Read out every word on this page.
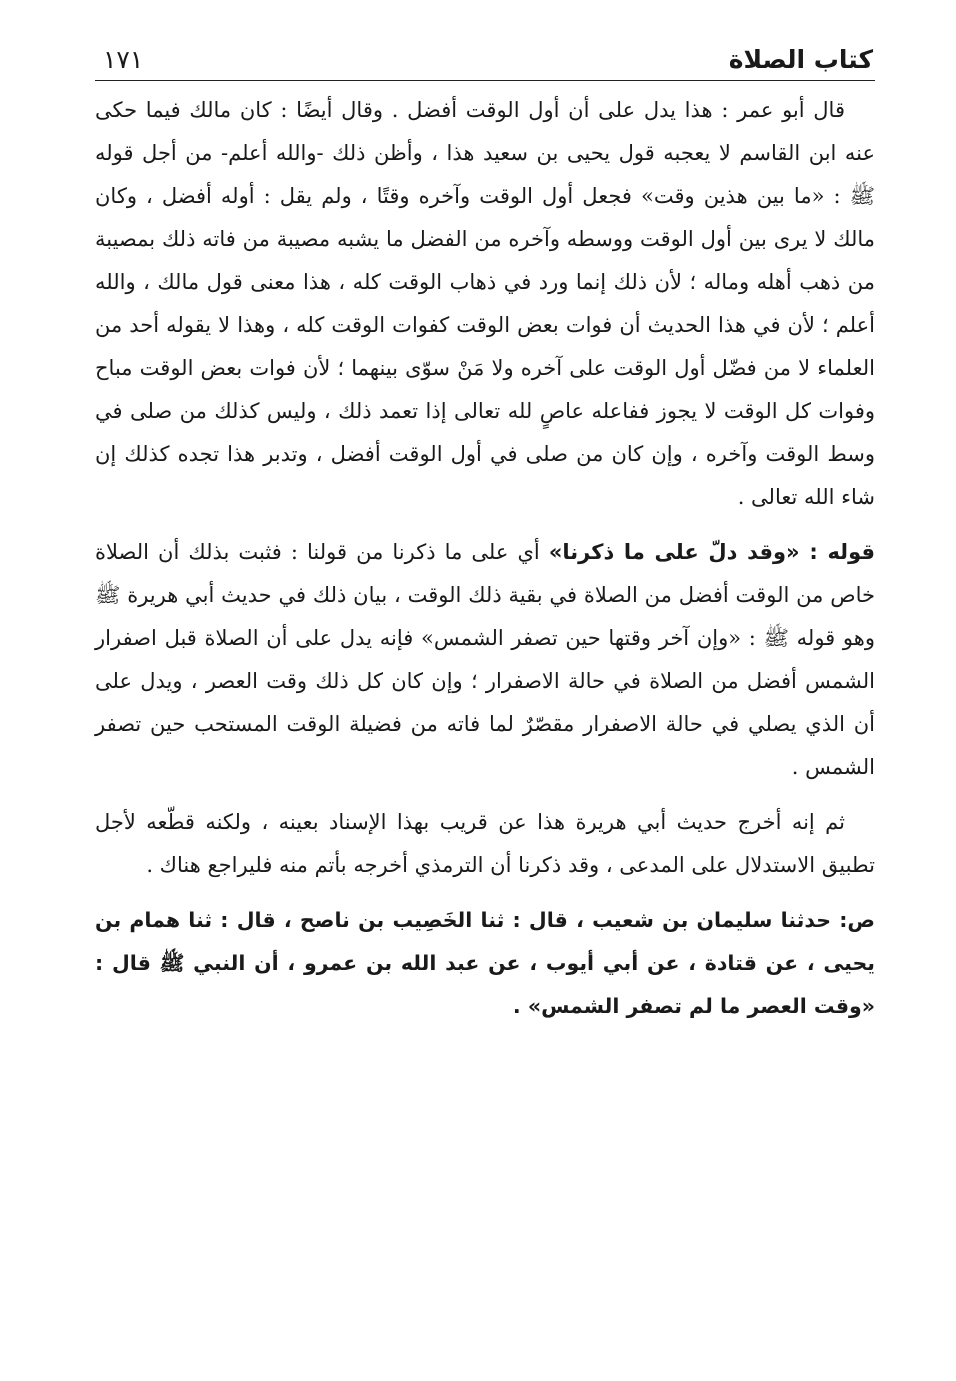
كتاب الصلاة
١٧١

قال أبو عمر : هذا يدل على أن أول الوقت أفضل . وقال أيضًا : كان مالك فيما حكى عنه ابن القاسم لا يعجبه قول يحيى بن سعيد هذا ، وأظن ذلك -والله أعلم- من أجل قوله ﷺ : «ما بين هذين وقت» فجعل أول الوقت وآخره وقتًا ، ولم يقل : أوله أفضل ، وكان مالك لا يرى بين أول الوقت ووسطه وآخره من الفضل ما يشبه مصيبة من فاته ذلك بمصيبة من ذهب أهله وماله ؛ لأن ذلك إنما ورد في ذهاب الوقت كله ، هذا معنى قول مالك ، والله أعلم ؛ لأن في هذا الحديث أن فوات بعض الوقت كفوات الوقت كله ، وهذا لا يقوله أحد من العلماء لا من فضّل أول الوقت على آخره ولا مَنْ سوّى بينهما ؛ لأن فوات بعض الوقت مباح وفوات كل الوقت لا يجوز ففاعله عاصٍ لله تعالى إذا تعمد ذلك ، وليس كذلك من صلى في وسط الوقت وآخره ، وإن كان من صلى في أول الوقت أفضل ، وتدبر هذا تجده كذلك إن شاء الله تعالى .

قوله : «وقد دلّ على ما ذكرنا» أي على ما ذكرنا من قولنا : فثبت بذلك أن الصلاة خاص من الوقت أفضل من الصلاة في بقية ذلك الوقت ، بيان ذلك في حديث أبي هريرة ﷺ وهو قوله ﷺ : «وإن آخر وقتها حين تصفر الشمس» فإنه يدل على أن الصلاة قبل اصفرار الشمس أفضل من الصلاة في حالة الاصفرار ؛ وإن كان كل ذلك وقت العصر ، ويدل على أن الذي يصلي في حالة الاصفرار مقصّرٌ لما فاته من فضيلة الوقت المستحب حين تصفر الشمس .

ثم إنه أخرج حديث أبي هريرة هذا عن قريب بهذا الإسناد بعينه ، ولكنه قطّعه لأجل تطبيق الاستدلال على المدعى ، وقد ذكرنا أن الترمذي أخرجه بأتم منه فليراجع هناك .

ص: حدثنا سليمان بن شعيب ، قال : ثنا الخَصِيب بن ناصح ، قال : ثنا همام بن يحيى ، عن قتادة ، عن أبي أيوب ، عن عبد الله بن عمرو ، أن النبي ﷺ قال : «وقت العصر ما لم تصفر الشمس» .
